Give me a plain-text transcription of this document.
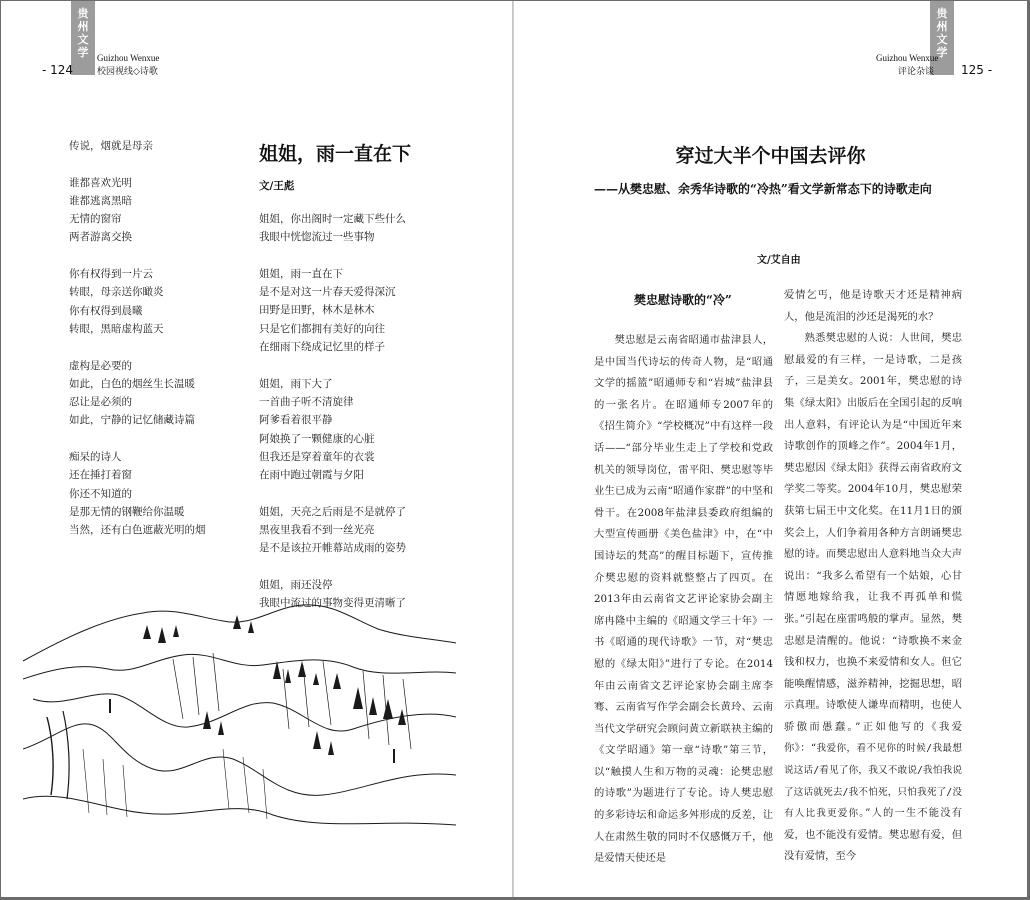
贵州文学
- 124
Guizhou Wenxue
校园视线◇诗歌
传说，烟就是母亲
谁都喜欢光明
谁都逃离黑暗
无情的窗帘
两者游离交换
你有权得到一片云
转眼，母亲送你瞰炎
你有权得到晨曦
转眼，黑暗虚构蓝天
虚构是必要的
如此，白色的烟丝生长温暖
忍让是必须的
如此，宁静的记忆储藏诗篇
痴呆的诗人
还在捶打着窗
你还不知道的
是那无情的钢鞭给你温暖
当然，还有白色遮蔽光明的烟
姐姐，雨一直在下
文/王彪
姐姐，你出阁时一定藏下些什么
我眼中恍惚流过一些事物
姐姐，雨一直在下
是不是对这一片春天爱得深沉
田野是田野，林木是林木
只是它们都拥有美好的向往
在细雨下绕成记忆里的样子
姐姐，雨下大了
一首曲子听不清旋律
阿爹看着很平静
阿娘换了一颗健康的心脏
但我还是穿着童年的衣裳
在雨中跑过朝霞与夕阳
姐姐，天亮之后雨是不是就停了
黑夜里我看不到一丝光亮
是不是该拉开帷幕站成雨的姿势
姐姐，雨还没停
我眼中流过的事物变得更清晰了
贵州文学
Guizhou Wenxue
评论杂谈 125 -
穿过大半个中国去评你
——从樊忠慰、余秀华诗歌的“冷热”看文学新常态下的诗歌走向
文/艾自由
樊忠慰诗歌的“冷”

樊忠慰是云南省昭通市盐津县人，是中国当代诗坛的传奇人物，是“昭通文学的摇篮”昭通师专和“岩城”盐津县的一张名片。在昭通师专2007年的《招生简介》“学校概况”中有这样一段话——“部分毕业生走上了学校和党政机关的领导岗位，雷平阳、樊忠慰等毕业生已成为云南“昭通作家群”的中坚和骨干。在2008年盐津县委政府组编的大型宣传画册《美色盐津》中，在“中国诗坛的梵高”的醒目标题下，宣传推介樊忠慰的资料就整整占了四页。在2013年由云南省文艺评论家协会副主席冉隆中主编的《昭通文学三十年》一书《昭通的现代诗歌》一节，对“樊忠慰的《绿太阳》”进行了专论。在2014年由云南省文艺评论家协会副主席李骞、云南省写作学会副会长黄玲、云南当代文学研究会顾问黄立新联袂主编的《文学昭通》第一章“诗歌”第三节，以“触摸人生和万物的灵魂：论樊忠慰的诗歌”为题进行了专论。诗人樊忠慰的多彩诗坛和命运多舛形成的反差，让人在肃然生敬的同时不仅感慨万千，他是爱情天使还是

爱情乞丐，他是诗歌天才还是精神病人，他是流泪的沙还是渴死的水？
熟悉樊忠慰的人说：人世间，樊忠慰最爱的有三样，一是诗歌，二是孩子，三是美女。2001年，樊忠慰的诗集《绿太阳》出版后在全国引起的反响出人意料，有评论认为是“中国近年来诗歌创作的顶峰之作”。2004年1月，樊忠慰因《绿太阳》获得云南省政府文学奖二等奖。2004年10月，樊忠慰荣获第七届王中文化奖。在11月1日的颁奖会上，人们争着用各种方言朗诵樊忠慰的诗。而樊忠慰出人意料地当众大声说出：“我多么希望有一个姑娘，心甘情愿地嫁给我，让我不再孤单和慌张。”引起在座雷鸣般的掌声。显然，樊忠慰是清醒的。他说：“诗歌换不来金钱和权力，也换不来爱情和女人。但它能唤醒情感，滋养精神，挖掘思想，昭示真理。诗歌使人谦卑而精明，也使人骄傲而愚蠢。”正如他写的《我爱你》：“我爱你，看不见你的时候/我最想说这话/看见了你，我又不敢说/我怕我说了这话就死去/我不怕死，只怕我死了/没有人比我更爱你。”人的一生不能没有爱，也不能没有爱情。樊忠慰有爱，但没有爱情，至今
